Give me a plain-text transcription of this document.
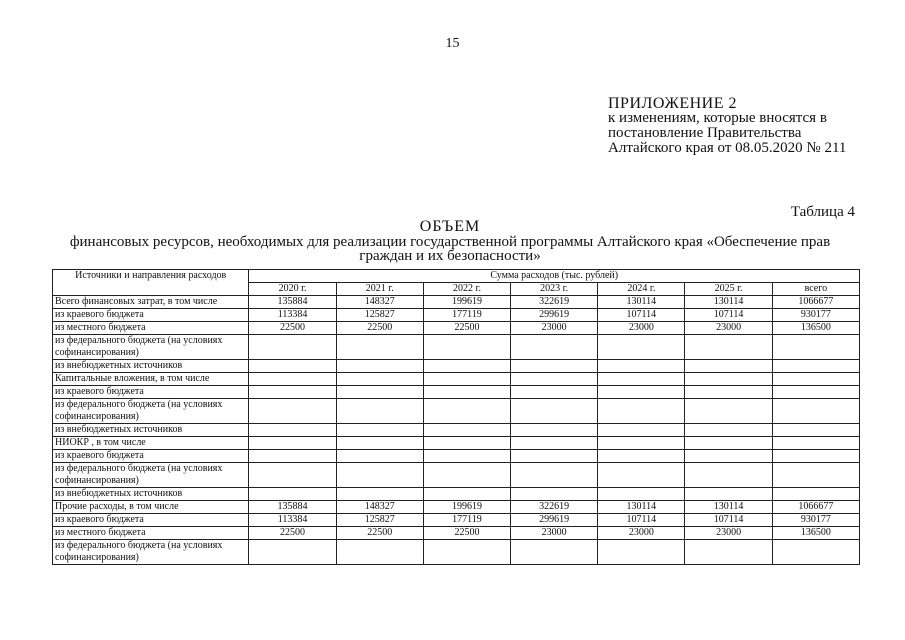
15
ПРИЛОЖЕНИЕ 2
к изменениям, которые вносятся в
постановление Правительства
Алтайского края от 08.05.2020 № 211
Таблица 4
ОБЪЕМ
финансовых ресурсов, необходимых для реализации государственной программы Алтайского края «Обеспечение прав
граждан и их безопасности»
Источники и направления расходов	Сумма расходов (тыс. рублей)						
	2020 г.	2021 г.	2022 г.	2023 г.	2024 г.	2025 г.	всего
Всего финансовых затрат, в том числе	135884	148327	199619	322619	130114	130114	1066677
из краевого бюджета	113384	125827	177119	299619	107114	107114	930177
из местного бюджета	22500	22500	22500	23000	23000	23000	136500
из федерального бюджета (на условиях софинансирования)							
из внебюджетных источников							
Капитальные вложения, в том числе							
из краевого бюджета							
из федерального бюджета (на условиях софинансирования)							
из внебюджетных источников							
НИОКР , в том числе							
из краевого бюджета							
из федерального бюджета (на условиях софинансирования)							
из внебюджетных источников							
Прочие расходы, в том числе	135884	148327	199619	322619	130114	130114	1066677
из краевого бюджета	113384	125827	177119	299619	107114	107114	930177
из местного бюджета	22500	22500	22500	23000	23000	23000	136500
из федерального бюджета (на условиях софинансирования)							
